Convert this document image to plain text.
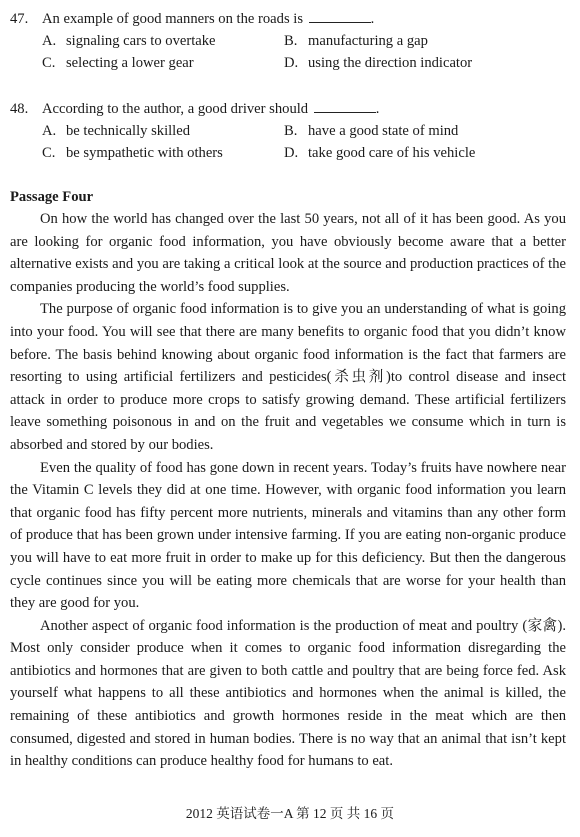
47. An example of good manners on the roads is	.
A. signaling cars to overtake	B. manufacturing a gap
C. selecting a lower gear	D. using the direction indicator
48. According to the author, a good driver should	.
A. be technically skilled	B. have a good state of mind
C. be sympathetic with others	D. take good care of his vehicle
Passage Four

On how the world has changed over the last 50 years, not all of it has been good. As you are looking for organic food information, you have obviously become aware that a better alternative exists and you are taking a critical look at the source and production practices of the companies producing the world’s food supplies.

The purpose of organic food information is to give you an understanding of what is going into your food. You will see that there are many benefits to organic food that you didn’t know before. The basis behind knowing about organic food information is the fact that farmers are resorting to using artificial fertilizers and pesticides(杀虫剂)to control disease and insect attack in order to produce more crops to satisfy growing demand. These artificial fertilizers leave something poisonous in and on the fruit and vegetables we consume which in turn is absorbed and stored by our bodies.

Even the quality of food has gone down in recent years. Today’s fruits have nowhere near the Vitamin C levels they did at one time. However, with organic food information you learn that organic food has fifty percent more nutrients, minerals and vitamins than any other form of produce that has been grown under intensive farming. If you are eating non-organic produce you will have to eat more fruit in order to make up for this deficiency. But then the dangerous cycle continues since you will be eating more chemicals that are worse for your health than they are good for you.

Another aspect of organic food information is the production of meat and poultry (家禽). Most only consider produce when it comes to organic food information disregarding the antibiotics and hormones that are given to both cattle and poultry that are being force fed. Ask yourself what happens to all these antibiotics and hormones when the animal is killed, the remaining of these antibiotics and growth hormones reside in the meat which are then consumed, digested and stored in human bodies. There is no way that an animal that isn’t kept in healthy conditions can produce healthy food for humans to eat.

2012 英语试卷一A 第 12 页 共 16 页
